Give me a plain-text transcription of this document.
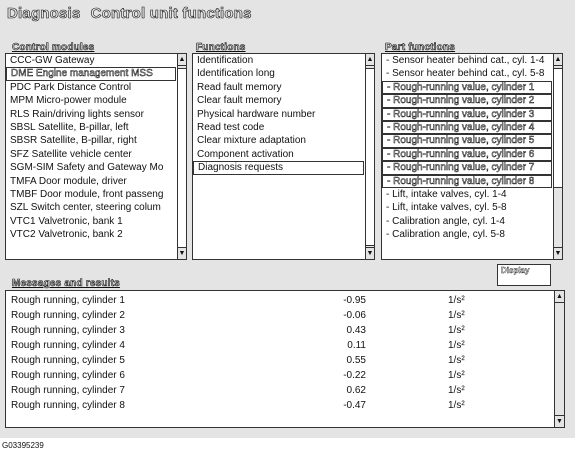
Diagnosis Control unit functions
Control modules
CCC-GW Gateway
DME Engine management MSS
PDC Park Distance Control
MPM Micro-power module
RLS Rain/driving lights sensor
SBSL Satellite, B-pillar, left
SBSR Satellite, B-pillar, right
SFZ Satellite vehicle center
SGM-SIM Safety and Gateway Mo
TMFA Door module, driver
TMBF Door module, front passeng
SZL Switch center, steering colum
VTC1 Valvetronic, bank 1
VTC2 Valvetronic, bank 2
▲
▼
Functions
Identification
Identification long
Read fault memory
Clear fault memory
Physical hardware number
Read test code
Clear mixture adaptation
Component activation
Diagnosis requests
▲
▼
Part functions
- Sensor heater behind cat., cyl. 1-4
- Sensor heater behind cat., cyl. 5-8
- Rough-running value, cylinder 1
- Rough-running value, cylinder 2
- Rough-running value, cylinder 3
- Rough-running value, cylinder 4
- Rough-running value, cylinder 5
- Rough-running value, cylinder 6
- Rough-running value, cylinder 7
- Rough-running value, cylinder 8
- Lift, intake valves, cyl. 1-4
- Lift, intake valves, cyl. 5-8
- Calibration angle, cyl. 1-4
- Calibration angle, cyl. 5-8
▲
▼
Display
Messages and results
Rough running, cylinder 1	-0.95	1/s²
Rough running, cylinder 2	-0.06	1/s²
Rough running, cylinder 3	0.43	1/s²
Rough running, cylinder 4	0.11	1/s²
Rough running, cylinder 5	0.55	1/s²
Rough running, cylinder 6	-0.22	1/s²
Rough running, cylinder 7	0.62	1/s²
Rough running, cylinder 8	-0.47	1/s²
▲
▼
G03395239
